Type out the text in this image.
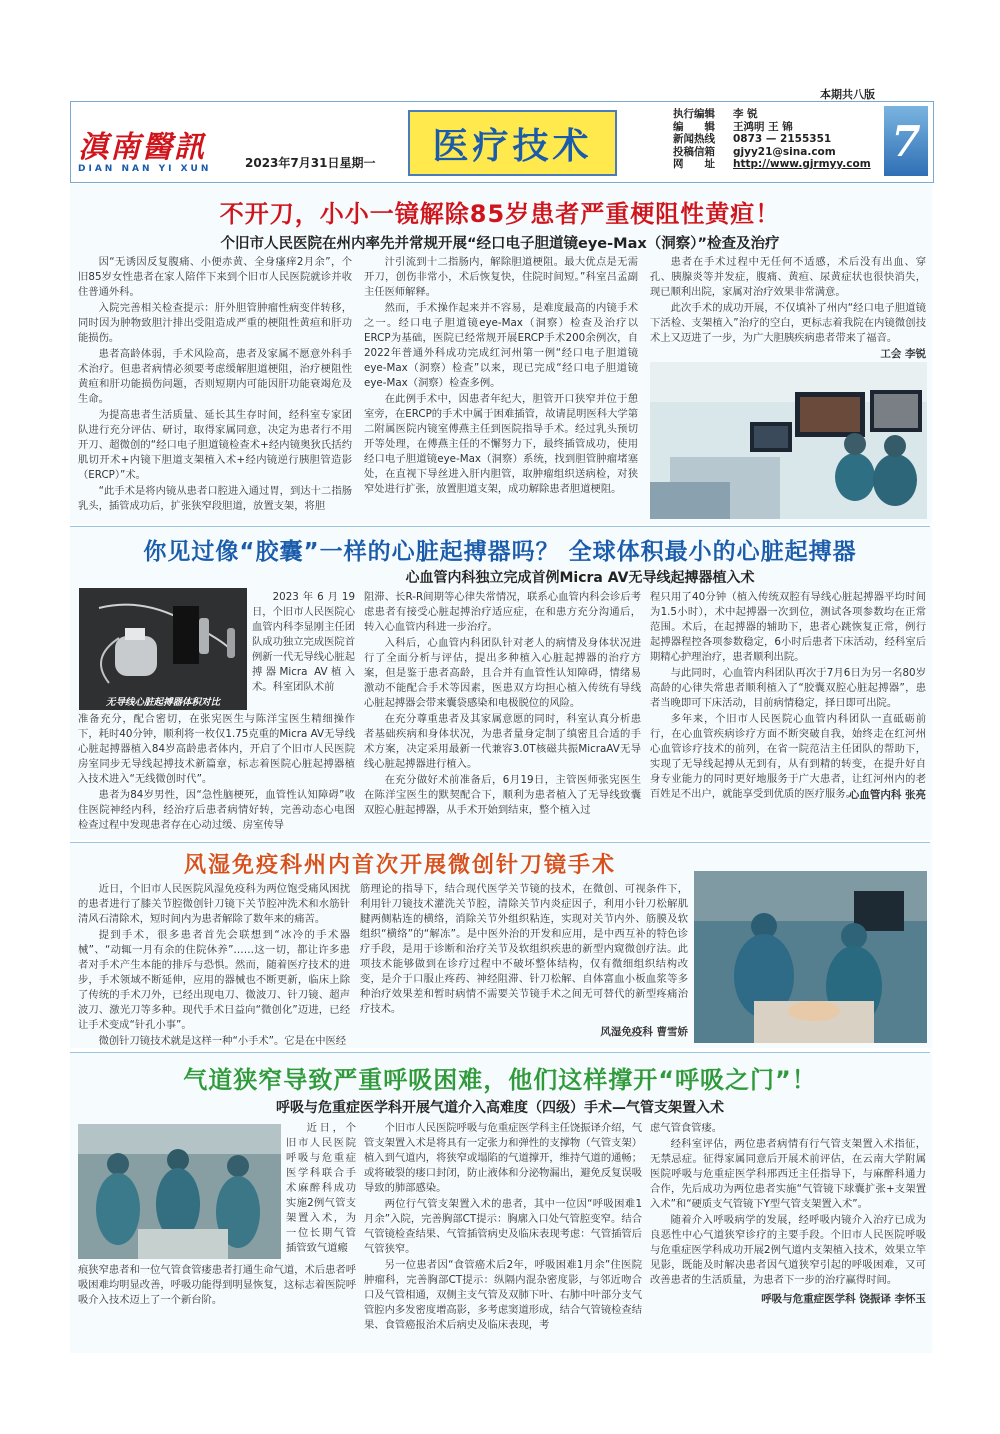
本期共八版
滇南醫訊
DIAN NAN YI XUN	2023年7月31日星期一 医疗技术
执行编辑 李 锐
编　　辑 王鸿明 王 锦
新闻热线 0873 — 2155351
投稿信箱 gjyy21@sina.com
网　　址 http://www.gjrmyy.com 7
不开刀，小小一镜解除85岁患者严重梗阻性黄疸！
个旧市人民医院在州内率先并常规开展“经口电子胆道镜eye-Max（洞察）”检查及治疗

因“无诱因反复腹痛、小便赤黄、全身瘙痒2月余”，个旧85岁女性患者在家人陪伴下来到个旧市人民医院就诊并收住普通外科。

入院完善相关检查提示：肝外胆管肿瘤性病变伴转移，同时因为肿物致胆汁排出受阻造成严重的梗阻性黄疸和肝功能损伤。

患者高龄体弱，手术风险高，患者及家属不愿意外科手术治疗。但患者病情必须要考虑缓解胆道梗阻，治疗梗阻性黄疸和肝功能损伤问题，否则短期内可能因肝功能衰竭危及生命。

为提高患者生活质量、延长其生存时间，经科室专家团队进行充分评估、研讨，取得家属同意，决定为患者行不用开刀、超微创的“经口电子胆道镜检查术+经内镜奥狄氏括约肌切开术+内镜下胆道支架植入术+经内镜逆行胰胆管造影（ERCP）”术。

“此手术是将内镜从患者口腔进入通过胃，到达十二指肠乳头，插管成功后，扩张狭窄段胆道，放置支架，将胆

汁引流到十二指肠内，解除胆道梗阻。最大优点是无需开刀，创伤非常小，术后恢复快，住院时间短。”科室吕孟副主任医师解释。

然而，手术操作起来并不容易，是难度最高的内镜手术之一。经口电子胆道镜eye-Max（洞察）检查及治疗以ERCP为基础，医院已经常规开展ERCP手术200余例次，自2022年普通外科成功完成红河州第一例“经口电子胆道镜eye-Max（洞察）检查”以来，现已完成“经口电子胆道镜eye-Max（洞察）检查多例。

在此例手术中，因患者年纪大，胆管开口狭窄并位于憩室旁，在ERCP的手术中属于困难插管，故请昆明医科大学第二附属医院内镜室傅燕主任到医院指导手术。经过乳头预切开等处理，在傅燕主任的不懈努力下，最终插管成功，使用经口电子胆道镜eye-Max（洞察）系统，找到胆管肿瘤堵塞处，在直视下导丝进入肝内胆管，取肿瘤组织送病检，对狭窄处进行扩张，放置胆道支架，成功解除患者胆道梗阻。

患者在手术过程中无任何不适感，术后没有出血、穿孔、胰腺炎等并发症，腹痛、黄疸、尿黄症状也很快消失，现已顺利出院，家属对治疗效果非常满意。

此次手术的成功开展，不仅填补了州内“经口电子胆道镜下活检、支架植入”治疗的空白，更标志着我院在内镜微创技术上又迈进了一步，为广大胆胰疾病患者带来了福音。

工会 李锐

你见过像“胶囊”一样的心脏起搏器吗？ 全球体积最小的心脏起搏器
心血管内科独立完成首例Micra AV无导线起搏器植入术
无导线心脏起搏器体积对比

2023年6月19日，个旧市人民医院心血管内科李显刚主任团队成功独立完成医院首例新一代无导线心脏起搏器Micra AV植入术。科室团队术前

准备充分，配合密切，在张宪医生与陈洋宝医生精细操作下，耗时40分钟，顺利将一枚仅1.75克重的Micra AV无导线心脏起搏器植入84岁高龄患者体内，开启了个旧市人民医院房室同步无导线起搏技术新篇章，标志着医院心脏起搏器植入技术进入“无线微创时代”。

患者为84岁男性，因“急性脑梗死，血管性认知障碍”收住医院神经内科，经治疗后患者病情好转，完善动态心电图检查过程中发现患者存在心动过缓、房室传导

阻滞、长R-R间期等心律失常情况，联系心血管内科会诊后考虑患者有接受心脏起搏治疗适应症，在和患方充分沟通后，转入心血管内科进一步治疗。

入科后，心血管内科团队针对老人的病情及身体状况进行了全面分析与评估，提出多种植入心脏起搏器的治疗方案，但是鉴于患者高龄，且合并有血管性认知障碍，情绪易激动不能配合手术等因素，医患双方均担心植入传统有导线心脏起搏器会带来囊袋感染和电极脱位的风险。

在充分尊重患者及其家属意愿的同时，科室认真分析患者基础疾病和身体状况，为患者量身定制了缜密且合适的手术方案，决定采用最新一代兼容3.0T核磁共振MicraAV无导线心脏起搏器进行植入。

在充分做好术前准备后，6月19日，主管医师张宪医生在陈洋宝医生的默契配合下，顺利为患者植入了无导线致囊双腔心脏起搏器，从手术开始到结束，整个植入过

程只用了40分钟（植入传统双腔有导线心脏起搏器平均时间为1.5小时），术中起搏器一次到位，测试各项参数均在正常范围。术后，在起搏器的辅助下，患者心跳恢复正常，例行起搏器程控各项参数稳定，6小时后患者下床活动，经科室后期精心护理治疗，患者顺利出院。

与此同时，心血管内科团队再次于7月6日为另一名80岁高龄的心律失常患者顺利植入了“胶囊双腔心脏起搏器”，患者当晚即可下床活动，目前病情稳定，择日即可出院。

多年来，个旧市人民医院心血管内科团队一直砥砺前行，在心血管疾病诊疗方面不断突破自我，始终走在红河州心血管诊疗技术的前列，在省一院范洁主任团队的帮助下，实现了无导线起搏从无到有，从有到精的转变，在提升好自身专业能力的同时更好地服务于广大患者，让红河州内的老百姓足不出户，就能享受到优质的医疗服务。

心血管内科 张亮

风湿免疫科州内首次开展微创针刀镜手术

近日，个旧市人民医院风湿免疫科为两位饱受痛风困扰的患者进行了膝关节腔微创针刀镜下关节腔冲洗术和水筋针清风石清除术，短时间内为患者解除了数年来的痛苦。

提到手术，很多患者首先会联想到“冰冷的手术器械”、“动辄一月有余的住院休养”……这一切，都让许多患者对手术产生本能的排斥与恐惧。然而，随着医疗技术的进步，手术领域不断延伸，应用的器械也不断更新，临床上除了传统的手术刀外，已经出现电刀、微波刀、针刀镜、超声波刀、激光刀等多种。现代手术日益向“微创化”迈进，已经让手术变成“针孔小事”。

微创针刀镜技术就是这样一种“小手术”。它是在中医经

筋理论的指导下，结合现代医学关节镜的技术，在微创、可视条件下，利用针刀镜技术灌洗关节腔，清除关节内炎症因子，利用小针刀松解肌腱两侧粘连的横络，消除关节外组织粘连，实现对关节内外、筋膜及软组织“横络”的“解冻”。是中医外治的开发和应用，是中西互补的特色诊疗手段，是用于诊断和治疗关节及软组织疾患的新型内窥微创疗法。此项技术能够做到在诊疗过程中不破坏整体结构，仅有微细组织结构改变，是介于口服止疼药、神经阻滞、针刀松解、自体富血小板血浆等多种治疗效果差和暂时病情不需要关节镜手术之间无可替代的新型疼痛治疗技术。

风湿免疫科 曹雪娇

气道狭窄导致严重呼吸困难，他们这样撑开“呼吸之门”！
呼吸与危重症医学科开展气道介入高难度（四级）手术—气管支架置入术

近日，个旧市人民医院呼吸与危重症医学科联合手术麻醉科成功实施2例气管支架置入术，为一位长期气管插管致气道瘢

痕狭窄患者和一位气管食管瘘患者打通生命气道，术后患者呼吸困难均明显改善，呼吸功能得到明显恢复，这标志着医院呼吸介入技术迈上了一个新台阶。

个旧市人民医院呼吸与危重症医学科主任饶振译介绍，气管支架置入术是将具有一定张力和弹性的支撑物（气管支架）植入到气道内，将狭窄或塌陷的气道撑开，维持气道的通畅；或将破裂的瘘口封闭，防止液体和分泌物漏出，避免反复误吸导致的肺部感染。

两位行气管支架置入术的患者，其中一位因“呼吸困难1月余”入院，完善胸部CT提示：胸廓入口处气管腔变窄。结合气管镜检查结果、气管插管病史及临床表现考虑：气管插管后气管狭窄。

另一位患者因“食管癌术后2年，呼吸困难1月余”住医院肿瘤科，完善胸部CT提示：纵隔内混杂密度影，与邻近吻合口及气管相通，双侧主支气管及双肺下叶、右肺中叶部分支气管腔内多发密度增高影，多考虑窦道形成，结合气管镜检查结果、食管癌报治术后病史及临床表现，考

虑气管食管瘘。

经科室评估，两位患者病情有行气管支架置入术指征，无禁忌症。征得家属同意后开展术前评估，在云南大学附属医院呼吸与危重症医学科邢西迁主任指导下，与麻醉科通力合作，先后成功为两位患者实施“气管镜下球囊扩张+支架置入术”和“硬质支气管镜下Y型气管支架置入术”。

随着介入呼吸病学的发展，经呼吸内镜介入治疗已成为良恶性中心气道狭窄诊疗的主要手段。个旧市人民医院呼吸与危重症医学科成功开展2例气道内支架植入技术，效果立竿见影，既能及时解决患者因气道狭窄引起的呼吸困难，又可改善患者的生活质量，为患者下一步的治疗赢得时间。

呼吸与危重症医学科 饶振译 李怀玉
